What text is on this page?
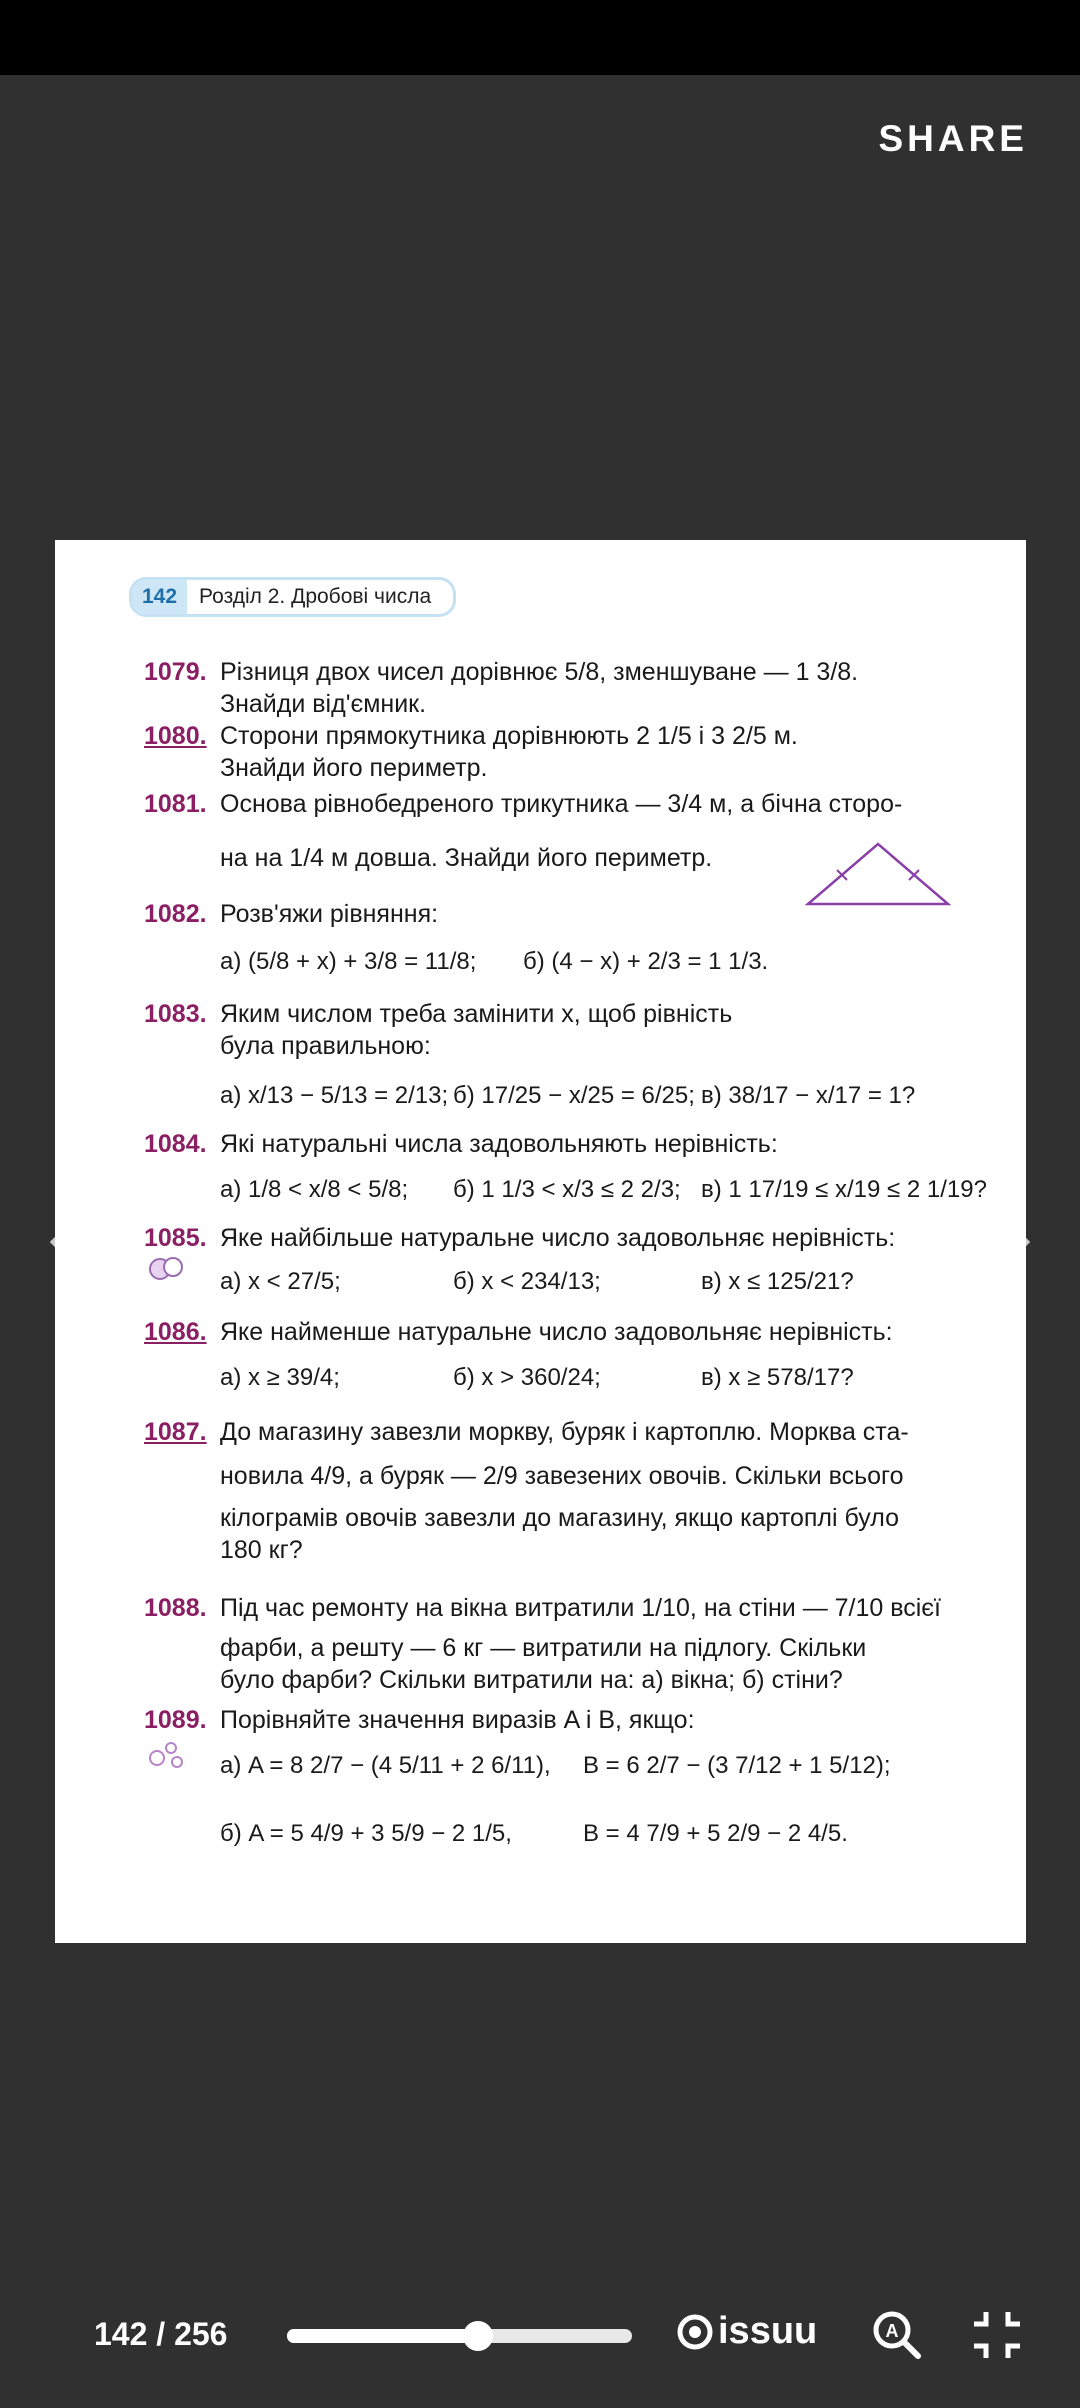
SHARE
142	Розділ 2. Дробові числа
1079. Різниця двох чисел дорівнює 5/8, зменшуване — 1 3/8.
Знайди від'ємник.
1080. Сторони прямокутника дорівнюють 2 1/5 і 3 2/5 м.
Знайди його периметр.
1081. Основа рівнобедреного трикутника — 3/4 м, а бічна сторо-
на на 1/4 м довша. Знайди його периметр.
1082. Розв'яжи рівняння:
а) (5/8 + x) + 3/8 = 11/8; б) (4 − x) + 2/3 = 1 1/3.
1083. Яким числом треба замінити x, щоб рівність
була правильною:
а) x/13 − 5/13 = 2/13; б) 17/25 − x/25 = 6/25; в) 38/17 − x/17 = 1?
1084. Які натуральні числа задовольняють нерівність:
а) 1/8 < x/8 < 5/8; б) 1 1/3 < x/3 ≤ 2 2/3; в) 1 17/19 ≤ x/19 ≤ 2 1/19?
1085. Яке найбільше натуральне число задовольняє нерівність:
а) x < 27/5;	б) x < 234/13;	в) x ≤ 125/21?
1086. Яке найменше натуральне число задовольняє нерівність:
а) x ≥ 39/4;	б) x > 360/24;	в) x ≥ 578/17?
1087. До магазину завезли моркву, буряк і картоплю. Морква ста-
новила 4/9, а буряк — 2/9 завезених овочів. Скільки всього
кілограмів овочів завезли до магазину, якщо картоплі було
180 кг?
1088. Під час ремонту на вікна витратили 1/10, на стіни — 7/10 всієї
фарби, а решту — 6 кг — витратили на підлогу. Скільки
було фарби? Скільки витратили на: а) вікна; б) стіни?
1089. Порівняйте значення виразів A і B, якщо:
а) A = 8 2/7 − (4 5/11 + 2 6/11), B = 6 2/7 − (3 7/12 + 1 5/12);
б) A = 5 4/9 + 3 5/9 − 2 1/5,	B = 4 7/9 + 5 2/9 − 2 4/5.
142 / 256	issuu	A
